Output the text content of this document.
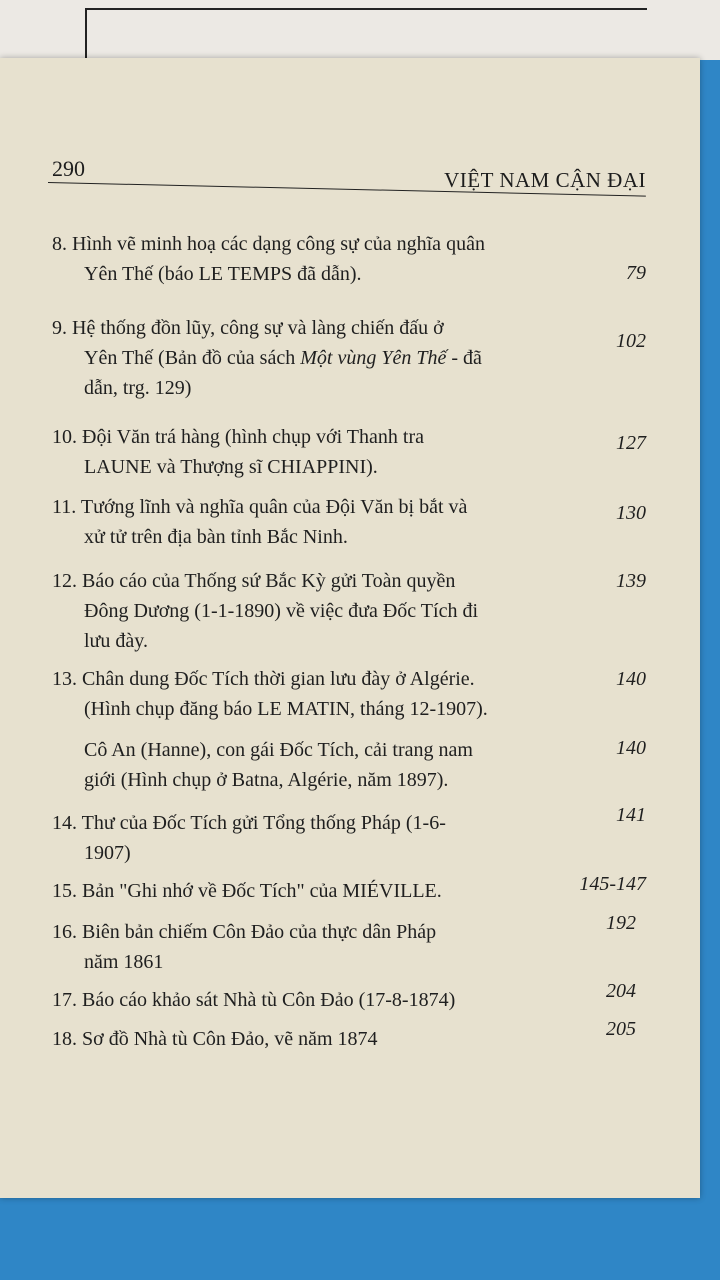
290	VIỆT NAM CẬN ĐẠI
8. Hình vẽ minh hoạ các dạng công sự của nghĩa quân
Yên Thế (báo LE TEMPS đã dẫn).	79
9. Hệ thống đồn lũy, công sự và làng chiến đấu ở
Yên Thế (Bản đồ của sách Một vùng Yên Thế - đã
dẫn, trg. 129)
102
10. Đội Văn trá hàng (hình chụp với Thanh tra
LAUNE và Thượng sĩ CHIAPPINI).
127
11. Tướng lĩnh và nghĩa quân của Đội Văn bị bắt và
xử tử trên địa bàn tỉnh Bắc Ninh.
130
12. Báo cáo của Thống sứ Bắc Kỳ gửi Toàn quyền
Đông Dương (1-1-1890) về việc đưa Đốc Tích đi
lưu đày.
139
13. Chân dung Đốc Tích thời gian lưu đày ở Algérie.
(Hình chụp đăng báo LE MATIN, tháng 12-1907).
140
Cô An (Hanne), con gái Đốc Tích, cải trang nam
giới (Hình chụp ở Batna, Algérie, năm 1897).
140
14. Thư của Đốc Tích gửi Tổng thống Pháp (1-6-
1907)
141
15. Bản "Ghi nhớ về Đốc Tích" của MIÉVILLE.	145-147
16. Biên bản chiếm Côn Đảo của thực dân Pháp
năm 1861
192
17. Báo cáo khảo sát Nhà tù Côn Đảo (17-8-1874)	204
18. Sơ đồ Nhà tù Côn Đảo, vẽ năm 1874	205
